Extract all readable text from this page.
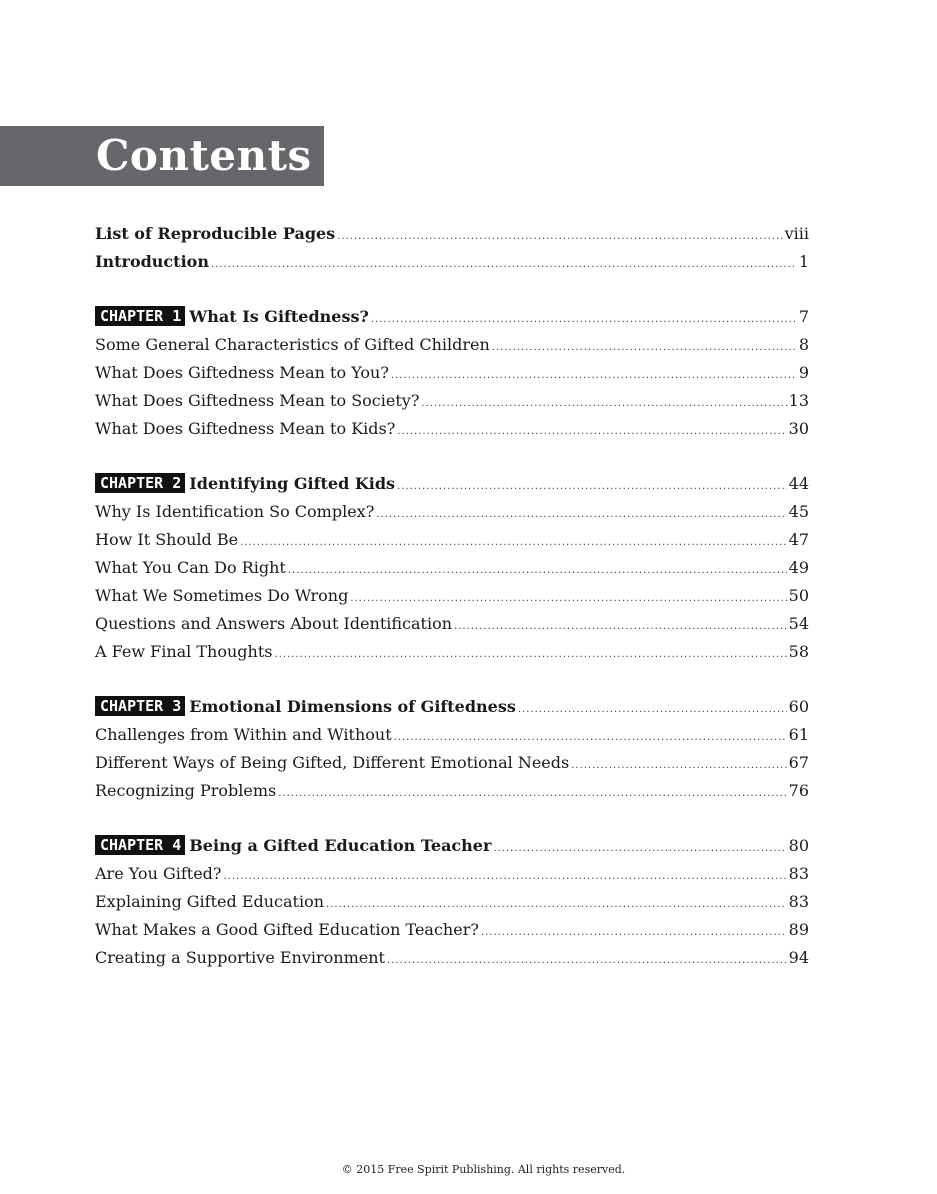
Contents
List of Reproducible Pages .....	viii
Introduction .....	1
CHAPTER 1 What Is Giftedness? .....	7
Some General Characteristics of Gifted Children .....	8
What Does Giftedness Mean to You? .....	9
What Does Giftedness Mean to Society? .....	13
What Does Giftedness Mean to Kids? .....	30
CHAPTER 2 Identifying Gifted Kids .....	44
Why Is Identification So Complex? .....	45
How It Should Be .....	47
What You Can Do Right .....	49
What We Sometimes Do Wrong .....	50
Questions and Answers About Identification .....	54
A Few Final Thoughts .....	58
CHAPTER 3 Emotional Dimensions of Giftedness .....	60
Challenges from Within and Without .....	61
Different Ways of Being Gifted, Different Emotional Needs .....	67
Recognizing Problems .....	76
CHAPTER 4 Being a Gifted Education Teacher .....	80
Are You Gifted? .....	83
Explaining Gifted Education .....	83
What Makes a Good Gifted Education Teacher? .....	89
Creating a Supportive Environment .....	94
© 2015 Free Spirit Publishing. All rights reserved.
